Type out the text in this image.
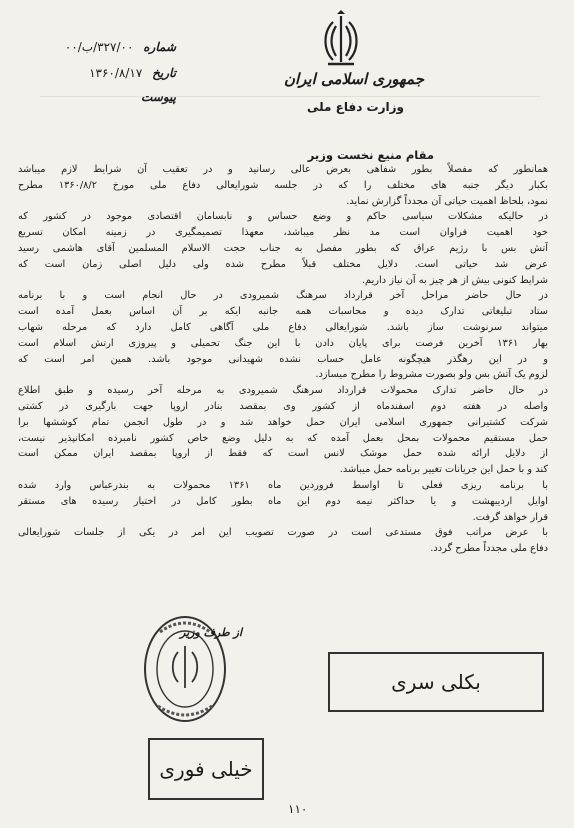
شماره ۳۲۷/۰۰/ب/۰۰
تاریخ ۱۳۶۰/۸/۱۷
پیوست
جمهوری اسلامی ایران
وزارت دفاع ملی
مقام منیع نخست وزیر
همانطور که مفصلاً بطور شفاهی بعرض عالی رسانید و در تعقیب آن شرایط لازم میباشد
بکبار دیگر جنبه های مختلف را که در جلسه شورایعالی دفاع ملی مورخ ۱۳۶۰/۸/۲ مطرح
نمود، بلحاظ اهمیت حیاتی آن مجدداً گزارش نماید.
در حالیکه مشکلات سیاسی حاکم و وضع حساس و نابسامان اقتصادی موجود در کشور که
خود اهمیت فراوان است مد نظر میباشد، معهذا تصمیمگیری در زمینه امکان تسریع
آتش بس با رژیم عراق که بطور مفصل به جناب حجت الاسلام المسلمین آقای هاشمی رسید
عرض شد حیاتی است. دلایل مختلف قبلاً مطرح شده ولی دلیل اصلی زمان است که
شرایط کنونی بیش از هر چیز به آن نیاز داریم.
در حال حاضر مراحل آخر قرارداد سرهنگ شمیرودی در حال انجام است و با برنامه
ستاد تبلیغاتی تدارک دیده و محاسبات همه جانبه ایکه بر آن اساس بعمل آمده است
میتواند سرنوشت ساز باشد. شورایعالی دفاع ملی آگاهی کامل دارد که مرحله شهاب
بهار ۱۳۶۱ آخرین فرصت برای پایان دادن با این جنگ تحمیلی و پیروزی ارتش اسلام است
و در این رهگذر هیچگونه عامل حساب نشده شهیدانی موجود باشد. همین امر است که
لزوم یک آتش بس ولو بصورت مشروط را مطرح میسازد.
در حال حاضر تدارک محمولات قرارداد سرهنگ شمیرودی به مرحله آخر رسیده و طبق اطلاع
واصله در هفته دوم اسفندماه از کشور وی بمقصد بنادر اروپا جهت بارگیری در کشتی
شرکت کشتیرانی جمهوری اسلامی ایران حمل خواهد شد و در طول انجمن تمام کوششها برا
حمل مستقیم محمولات بمحل بعمل آمده که به دلیل وضع خاص کشور نامبرده امکانپذیر نیست،
از دلایل ارائه شده حمل موشک لانس است که فقط از اروپا بمقصد ایران ممکن است
کند و با حمل این جریانات تغییر برنامه حمل میباشد.
با برنامه ریزی فعلی تا اواسط فروردین ماه ۱۳۶۱ محمولات به بندرعباس وارد شده
اوایل اردیبهشت و یا حداکثر نیمه دوم این ماه بطور کامل در اختیار رسیده های مستقر
قرار خواهد گرفت.
با عرض مراتب فوق مستدعی است در صورت تصویب این امر در یکی از جلسات شورایعالی
دفاع ملی مجدداً مطرح گردد.
از طرف وزیر
بکلی سری
خیلی فوری
۱۱۰
